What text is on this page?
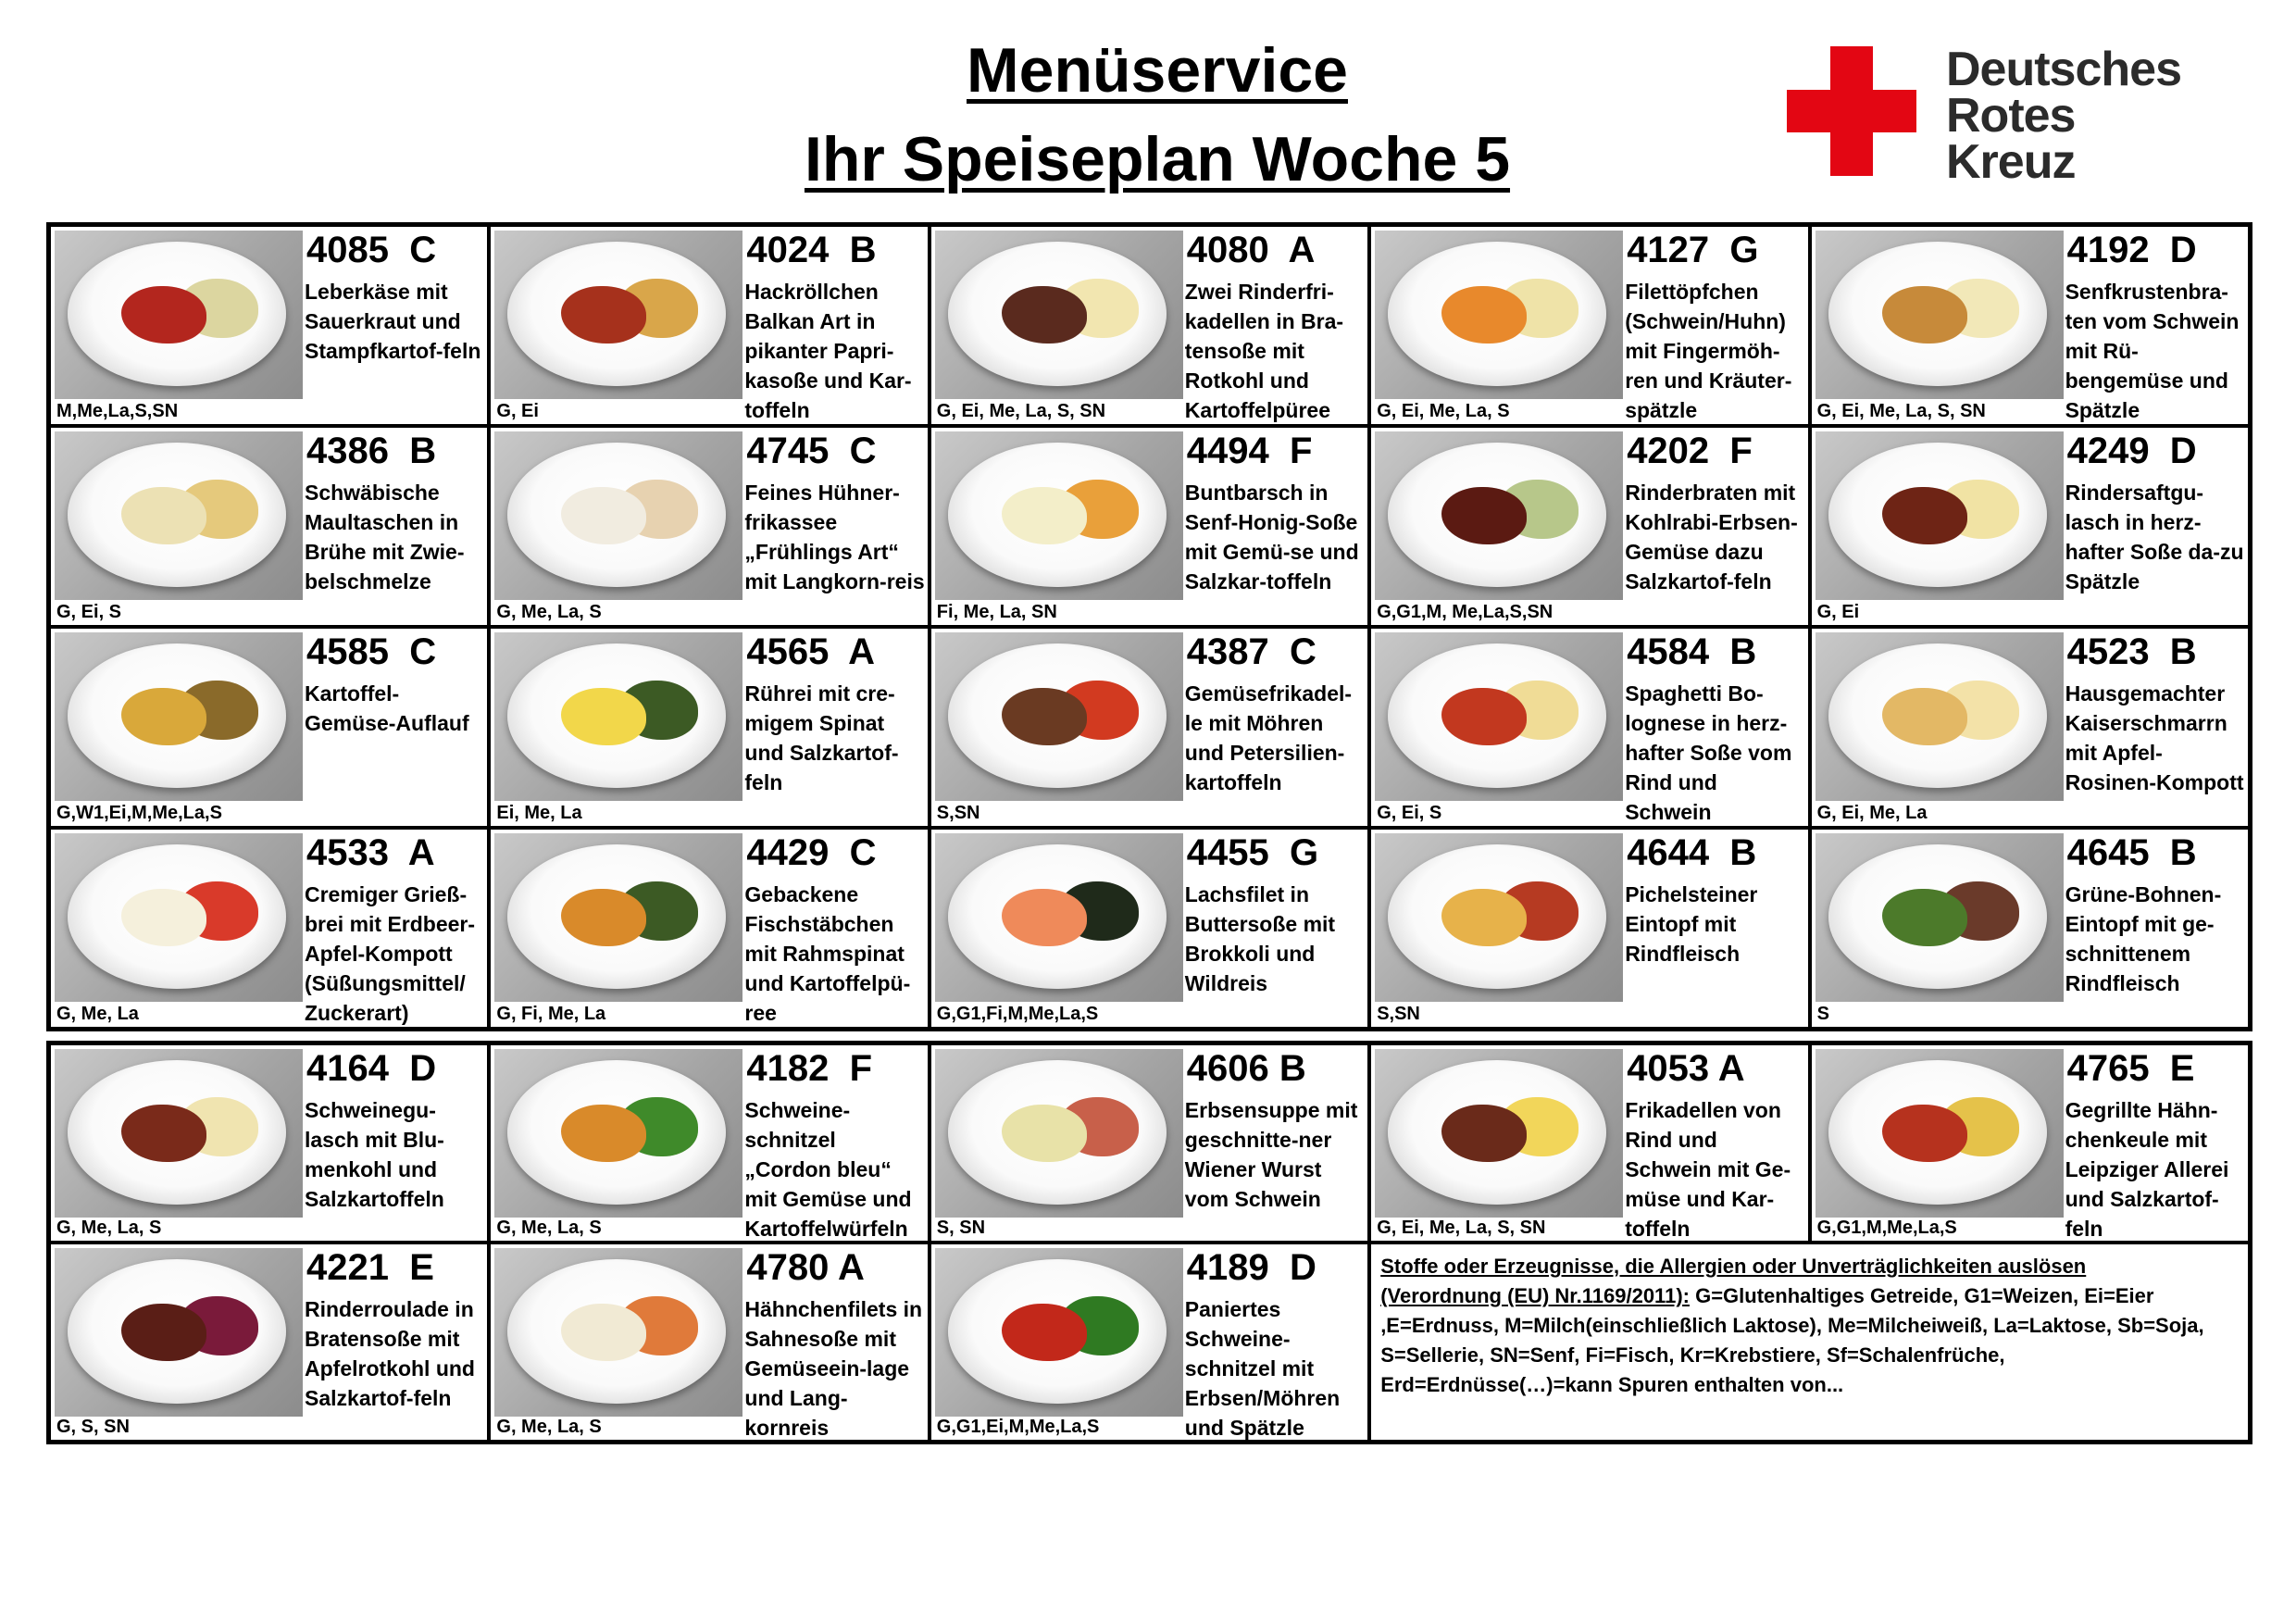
Menüservice
Ihr Speiseplan Woche 5
Deutsches
Rotes
Kreuz
4085  C
Leberkäse mit Sauerkraut und Stampfkartof-feln
M,Me,La,S,SN
4024  B
Hackröllchen Balkan Art in pikanter Papri-kasoße und Kar-toffeln
G, Ei
4080  A
Zwei Rinderfri-kadellen in Bra-tensoße mit Rotkohl und Kartoffelpüree
G, Ei, Me, La, S, SN
4127  G
Filettöpfchen (Schwein/Huhn) mit Fingermöh-ren und Kräuter-spätzle
G, Ei, Me, La, S
4192  D
Senfkrustenbra-ten vom Schwein mit Rü-bengemüse und Spätzle
G, Ei, Me, La, S, SN
4386  B
Schwäbische Maultaschen in Brühe mit Zwie-belschmelze
G, Ei, S
4745  C
Feines Hühner-frikassee „Frühlings Art“ mit Langkorn-reis
G, Me, La, S
4494  F
Buntbarsch in Senf-Honig-Soße mit Gemü-se und Salzkar-toffeln
Fi, Me, La, SN
4202  F
Rinderbraten mit Kohlrabi-Erbsen-Gemüse dazu Salzkartof-feln
G,G1,M, Me,La,S,SN
4249  D
Rindersaftgu-lasch in herz-hafter Soße da-zu Spätzle
G, Ei
4585  C
Kartoffel-Gemüse-Auflauf
G,W1,Ei,M,Me,La,S
4565  A
Rührei mit cre-migem Spinat und Salzkartof-feln
Ei, Me, La
4387  C
Gemüsefrikadel-le mit Möhren und Petersilien-kartoffeln
S,SN
4584  B
Spaghetti Bo-lognese in herz-hafter Soße vom Rind und Schwein
G, Ei, S
4523  B
Hausgemachter Kaiserschmarrn mit Apfel-Rosinen-Kompott
G, Ei, Me, La
4533  A
Cremiger Grieß-brei mit Erdbeer-Apfel-Kompott (Süßungsmittel/ Zuckerart)
G, Me, La
4429  C
Gebackene Fischstäbchen mit Rahmspinat und Kartoffelpü-ree
G, Fi, Me, La
4455  G
Lachsfilet in Buttersoße mit Brokkoli und Wildreis
G,G1,Fi,M,Me,La,S
4644  B
Pichelsteiner Eintopf mit Rindfleisch
S,SN
4645  B
Grüne-Bohnen-Eintopf mit ge-schnittenem Rindfleisch
S
4164  D
Schweinegu-lasch mit Blu-menkohl und Salzkartoffeln
G, Me, La, S
4182  F
Schweine-schnitzel „Cordon bleu“ mit Gemüse und Kartoffelwürfeln
G, Me, La, S
4606 B
Erbsensuppe mit geschnitte-ner Wiener Wurst vom Schwein
S, SN
4053 A
Frikadellen von Rind und Schwein mit Ge-müse und Kar-toffeln
G, Ei, Me, La, S, SN
4765  E
Gegrillte Hähn-chenkeule mit Leipziger Allerei und Salzkartof-feln
G,G1,M,Me,La,S
4221  E
Rinderroulade in Bratensoße mit Apfelrotkohl und Salzkartof-feln
G, S, SN
4780 A
Hähnchenfilets in Sahnesoße mit Gemüseein-lage und Lang-kornreis
G, Me, La, S
4189  D
Paniertes Schweine-schnitzel mit Erbsen/Möhren und Spätzle
G,G1,Ei,M,Me,La,S

Stoffe oder Erzeugnisse, die Allergien oder Unverträglichkeiten auslösen
(Verordnung (EU) Nr.1169/2011): G=Glutenhaltiges Getreide, G1=Weizen, Ei=Eier ,E=Erdnuss, M=Milch(einschließlich Laktose), Me=Milcheiweiß, La=Laktose, Sb=Soja, S=Sellerie, SN=Senf, Fi=Fisch, Kr=Krebstiere, Sf=Schalenfrüche, Erd=Erdnüsse(…)=kann Spuren enthalten von...
